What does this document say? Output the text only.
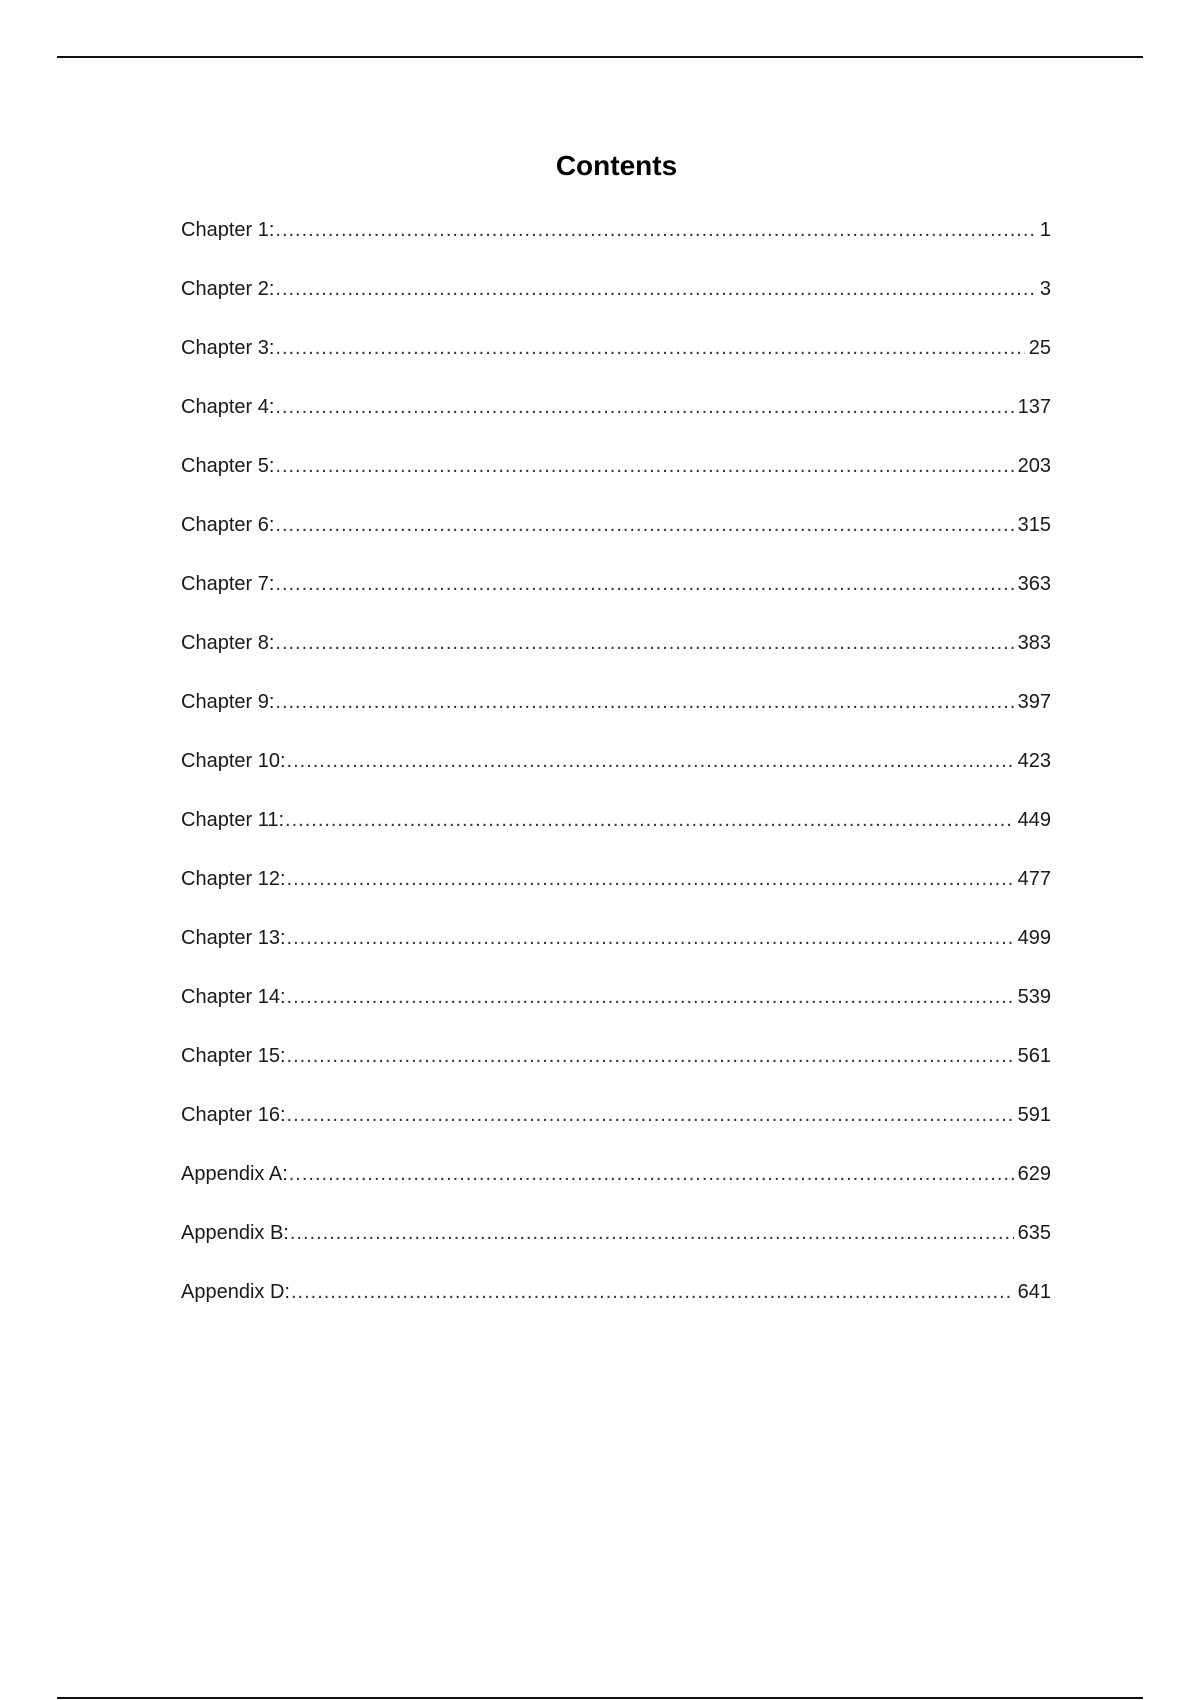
Contents
Chapter 1: .....	1
Chapter 2: .....	3
Chapter 3: .....	25
Chapter 4: .....	137
Chapter 5: .....	203
Chapter 6: .....	315
Chapter 7: .....	363
Chapter 8: .....	383
Chapter 9: .....	397
Chapter 10: .....	423
Chapter 11: .....	449
Chapter 12: .....	477
Chapter 13: .....	499
Chapter 14: .....	539
Chapter 15: .....	561
Chapter 16: .....	591
Appendix A: .....	629
Appendix B: .....	635
Appendix D: .....	641
